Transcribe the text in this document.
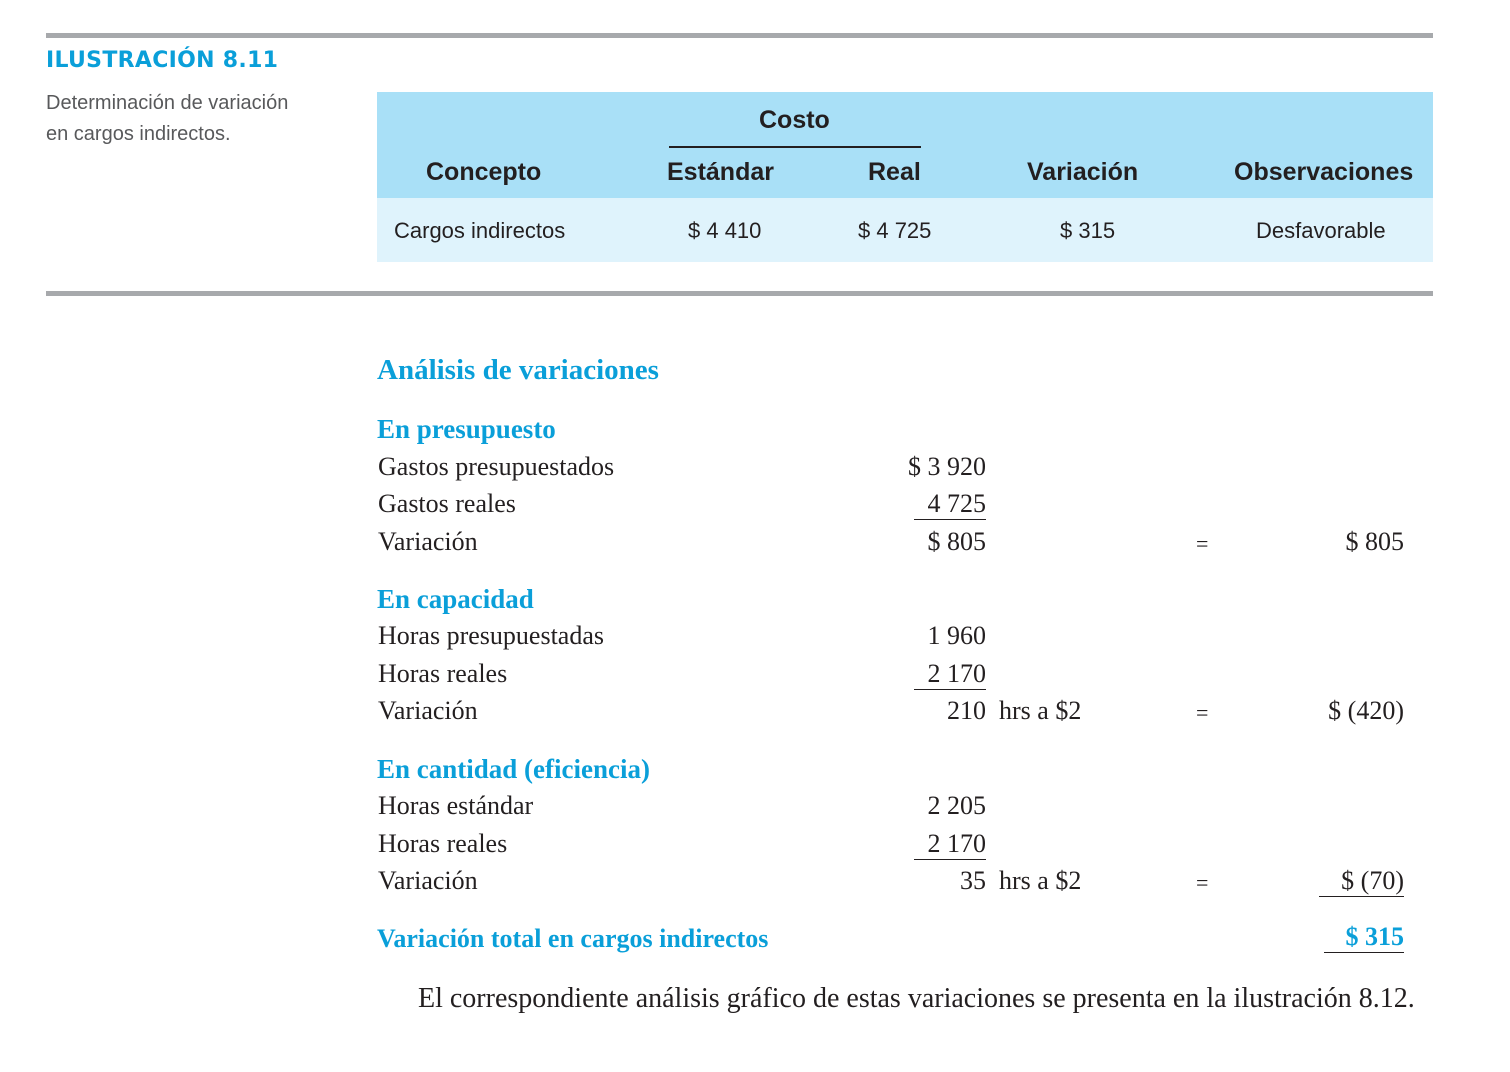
ILUSTRACIÓN 8.11
Determinación de variación en cargos indirectos.	Costo
Concepto	Estándar	Real	Variación	Observaciones
Cargos indirectos	$ 4 410	$ 4 725	$ 315	Desfavorable
Análisis de variaciones
En presupuesto
Gastos presupuestados	$ 3 920
Gastos reales	4 725
Variación	$ 805	=	$ 805
En capacidad
Horas presupuestadas	1 960
Horas reales	2 170
Variación	210 hrs a $2	=	$ (420)
En cantidad (eficiencia)
Horas estándar	2 205
Horas reales	2 170
Variación	35 hrs a $2	=	$ (70)
Variación total en cargos indirectos	$ 315
El correspondiente análisis gráfico de estas variaciones se presenta en la ilustración 8.12.
